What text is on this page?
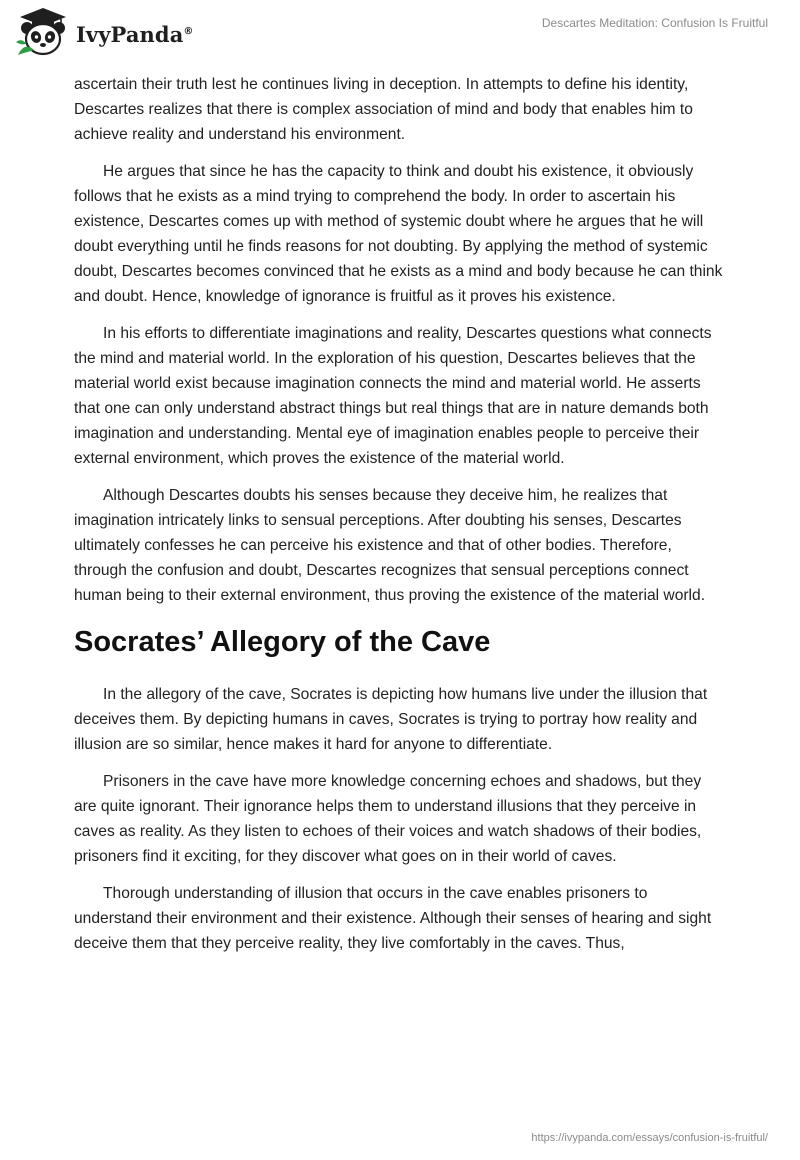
IvyPanda®
Descartes Meditation: Confusion Is Fruitful

ascertain their truth lest he continues living in deception. In attempts to define his identity, Descartes realizes that there is complex association of mind and body that enables him to achieve reality and understand his environment.

He argues that since he has the capacity to think and doubt his existence, it obviously follows that he exists as a mind trying to comprehend the body. In order to ascertain his existence, Descartes comes up with method of systemic doubt where he argues that he will doubt everything until he finds reasons for not doubting. By applying the method of systemic doubt, Descartes becomes convinced that he exists as a mind and body because he can think and doubt. Hence, knowledge of ignorance is fruitful as it proves his existence.

In his efforts to differentiate imaginations and reality, Descartes questions what connects the mind and material world. In the exploration of his question, Descartes believes that the material world exist because imagination connects the mind and material world. He asserts that one can only understand abstract things but real things that are in nature demands both imagination and understanding. Mental eye of imagination enables people to perceive their external environment, which proves the existence of the material world.

Although Descartes doubts his senses because they deceive him, he realizes that imagination intricately links to sensual perceptions. After doubting his senses, Descartes ultimately confesses he can perceive his existence and that of other bodies. Therefore, through the confusion and doubt, Descartes recognizes that sensual perceptions connect human being to their external environment, thus proving the existence of the material world.

Socrates’ Allegory of the Cave

In the allegory of the cave, Socrates is depicting how humans live under the illusion that deceives them. By depicting humans in caves, Socrates is trying to portray how reality and illusion are so similar, hence makes it hard for anyone to differentiate.

Prisoners in the cave have more knowledge concerning echoes and shadows, but they are quite ignorant. Their ignorance helps them to understand illusions that they perceive in caves as reality. As they listen to echoes of their voices and watch shadows of their bodies, prisoners find it exciting, for they discover what goes on in their world of caves.

Thorough understanding of illusion that occurs in the cave enables prisoners to understand their environment and their existence. Although their senses of hearing and sight deceive them that they perceive reality, they live comfortably in the caves. Thus,

https://ivypanda.com/essays/confusion-is-fruitful/
